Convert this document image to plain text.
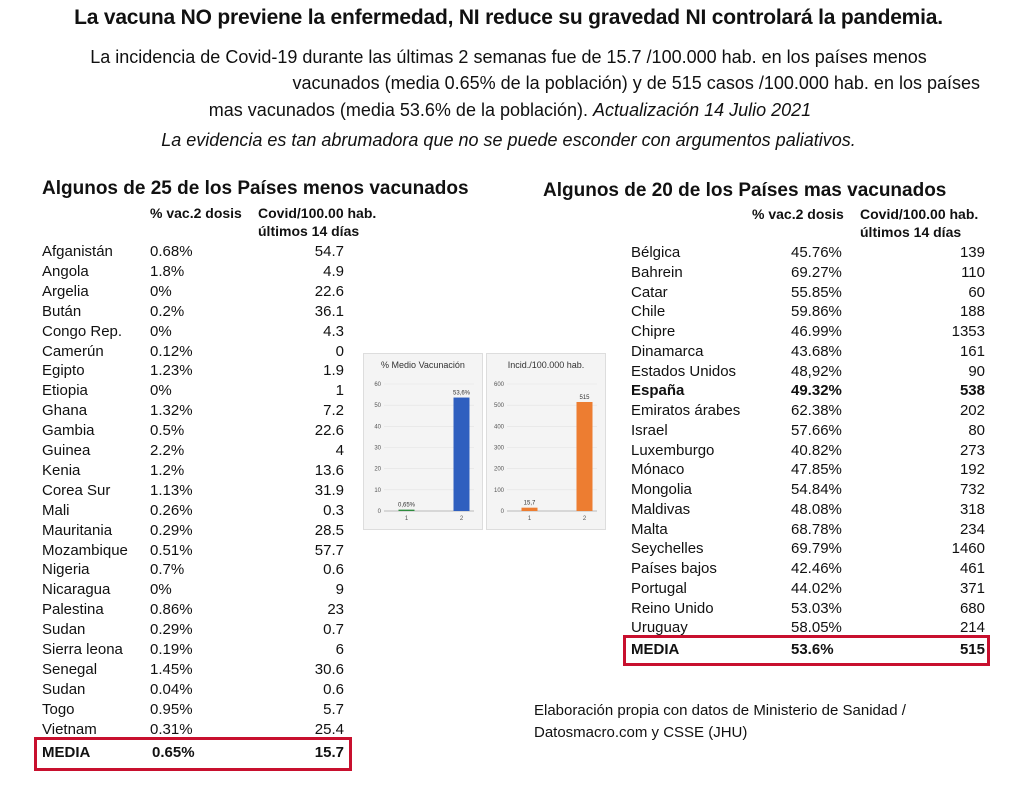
La vacuna NO previene la enfermedad, NI reduce su gravedad NI controlará la pandemia.
La incidencia de Covid-19 durante las últimas 2 semanas fue de 15.7 /100.000 hab. en los países menos
vacunados (media 0.65% de la población) y de 515 casos /100.000 hab. en los países
mas vacunados (media 53.6% de la población). Actualización 14 Julio 2021
La evidencia es tan abrumadora que no se puede esconder con argumentos paliativos.
Algunos de 25 de los Países menos vacunados
% vac.2 dosis Covid/100.00 hab.
últimos 14 días
Afganistán 0.68%	54.7
Angola	1.8%	4.9
Argelia	0%	22.6
Bután	0.2%	36.1
Congo Rep. 0%	4.3
Camerún	0.12%	0
Egipto	1.23%	1.9
Etiopia	0%	1
Ghana	1.32%	7.2
Gambia	0.5%	22.6
Guinea	2.2%	4
Kenia	1.2%	13.6
Corea Sur	1.13%	31.9
Mali	0.26%	0.3
Mauritania	0.29%	28.5
Mozambique 0.51%	57.7
Nigeria	0.7%	0.6
Nicaragua	0%	9
Palestina	0.86%	23
Sudan	0.29%	0.7
Sierra leona 0.19%	6
Senegal	1.45%	30.6
Sudan	0.04%	0.6
Togo	0.95%	5.7
Vietnam	0.31%	25.4
MEDIA	0.65%	15.7
% Medio Vacunación
0
10
20
30
40
50
60
0,65%
1
53,6%
2
Incid./100.000 hab.
0
100
200
300
400
500
600
15,7
1
515
2
Algunos de 20 de los Países mas vacunados
% vac.2 dosis Covid/100.00 hab.
últimos 14 días
Bélgica	45.76%	139
Bahrein	69.27%	110
Catar	55.85%	60
Chile	59.86%	188
Chipre	46.99%	1353
Dinamarca	43.68%	161
Estados Unidos	48,92%	90
España	49.32%	538
Emiratos árabes	62.38%	202
Israel	57.66%	80
Luxemburgo	40.82%	273
Mónaco	47.85%	192
Mongolia	54.84%	732
Maldivas	48.08%	318
Malta	68.78%	234
Seychelles	69.79%	1460
Países bajos	42.46%	461
Portugal	44.02%	371
Reino Unido	53.03%	680
Uruguay	58.05%	214
MEDIA	53.6%	515
Elaboración propia con datos de Ministerio de Sanidad /
Datosmacro.com y CSSE (JHU)
